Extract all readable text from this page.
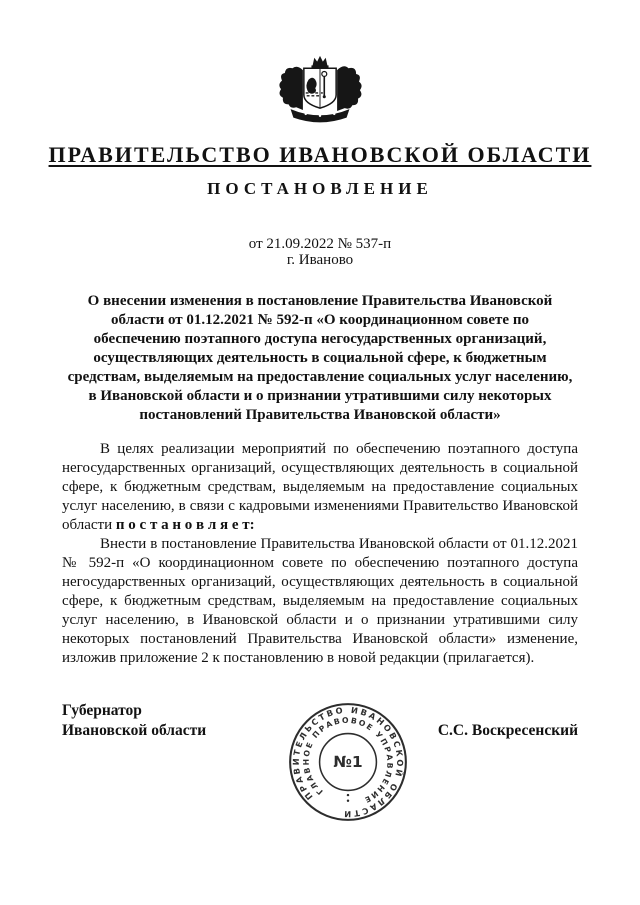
ПРАВИТЕЛЬСТВО ИВАНОВСКОЙ ОБЛАСТИ
ПОСТАНОВЛЕНИЕ
от 21.09.2022 № 537-п
г. Иваново
О внесении изменения в постановление Правительства Ивановской области от 01.12.2021 № 592-п «О координационном совете по обеспечению поэтапного доступа негосударственных организаций, осуществляющих деятельность в социальной сфере, к бюджетным средствам, выделяемым на предоставление социальных услуг населению, в Ивановской области и о признании утратившими силу некоторых постановлений Правительства Ивановской области»

В целях реализации мероприятий по обеспечению поэтапного доступа негосударственных организаций, осуществляющих деятельность в социальной сфере, к бюджетным средствам, выделяемым на предоставление социальных услуг населению, в связи с кадровыми изменениями Правительство Ивановской области п о с т а н о в л я е т:

Внести в постановление Правительства Ивановской области от 01.12.2021 № 592-п «О координационном совете по обеспечению поэтапного доступа негосударственных организаций, осуществляющих деятельность в социальной сфере, к бюджетным средствам, выделяемым на предоставление социальных услуг населению, в Ивановской области и о признании утратившими силу некоторых постановлений Правительства Ивановской области» изменение, изложив приложение 2 к постановлению в новой редакции (прилагается).

Губернатор
Ивановской области	С.С. Воскресенский
ПРАВИТЕЛЬСТВО ИВАНОВСКОЙ ОБЛАСТИ
ГЛАВНОЕ ПРАВОВОЕ УПРАВЛЕНИЕ
№1
